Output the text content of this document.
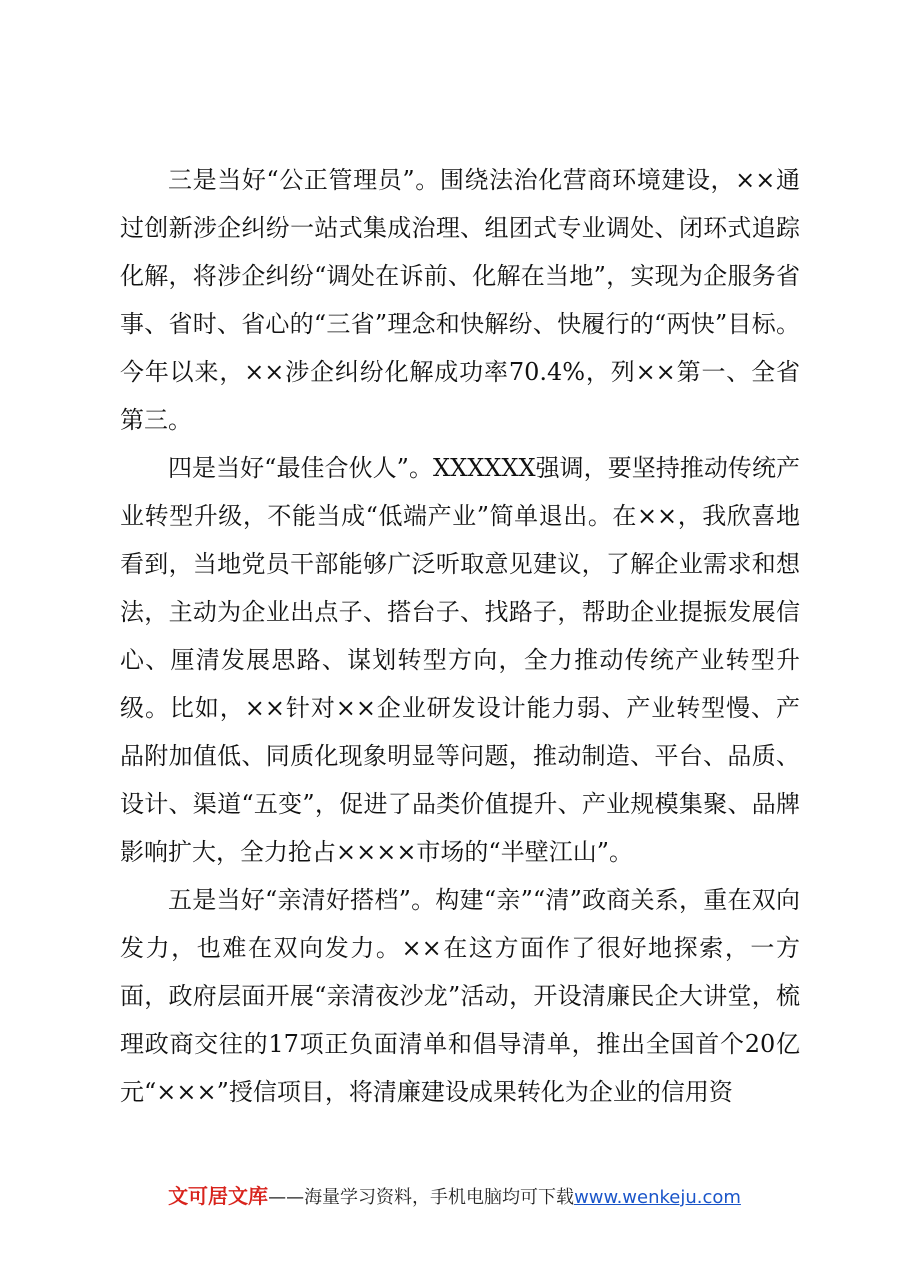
三是当好“公正管理员”。围绕法治化营商环境建设，××通过创新涉企纠纷一站式集成治理、组团式专业调处、闭环式追踪化解，将涉企纠纷“调处在诉前、化解在当地”，实现为企服务省事、省时、省心的“三省”理念和快解纷、快履行的“两快”目标。今年以来，××涉企纠纷化解成功率70.4%，列××第一、全省第三。

四是当好“最佳合伙人”。XXXXXX强调，要坚持推动传统产业转型升级，不能当成“低端产业”简单退出。在××，我欣喜地看到，当地党员干部能够广泛听取意见建议，了解企业需求和想法，主动为企业出点子、搭台子、找路子，帮助企业提振发展信心、厘清发展思路、谋划转型方向，全力推动传统产业转型升级。比如，××针对××企业研发设计能力弱、产业转型慢、产品附加值低、同质化现象明显等问题，推动制造、平台、品质、设计、渠道“五变”，促进了品类价值提升、产业规模集聚、品牌影响扩大，全力抢占××××市场的“半壁江山”。

五是当好“亲清好搭档”。构建“亲”“清”政商关系，重在双向发力，也难在双向发力。××在这方面作了很好地探索，一方面，政府层面开展“亲清夜沙龙”活动，开设清廉民企大讲堂，梳理政商交往的17项正负面清单和倡导清单，推出全国首个20亿元“×××”授信项目，将清廉建设成果转化为企业的信用资

文可居文库——海量学习资料，手机电脑均可下载www.wenkeju.com
